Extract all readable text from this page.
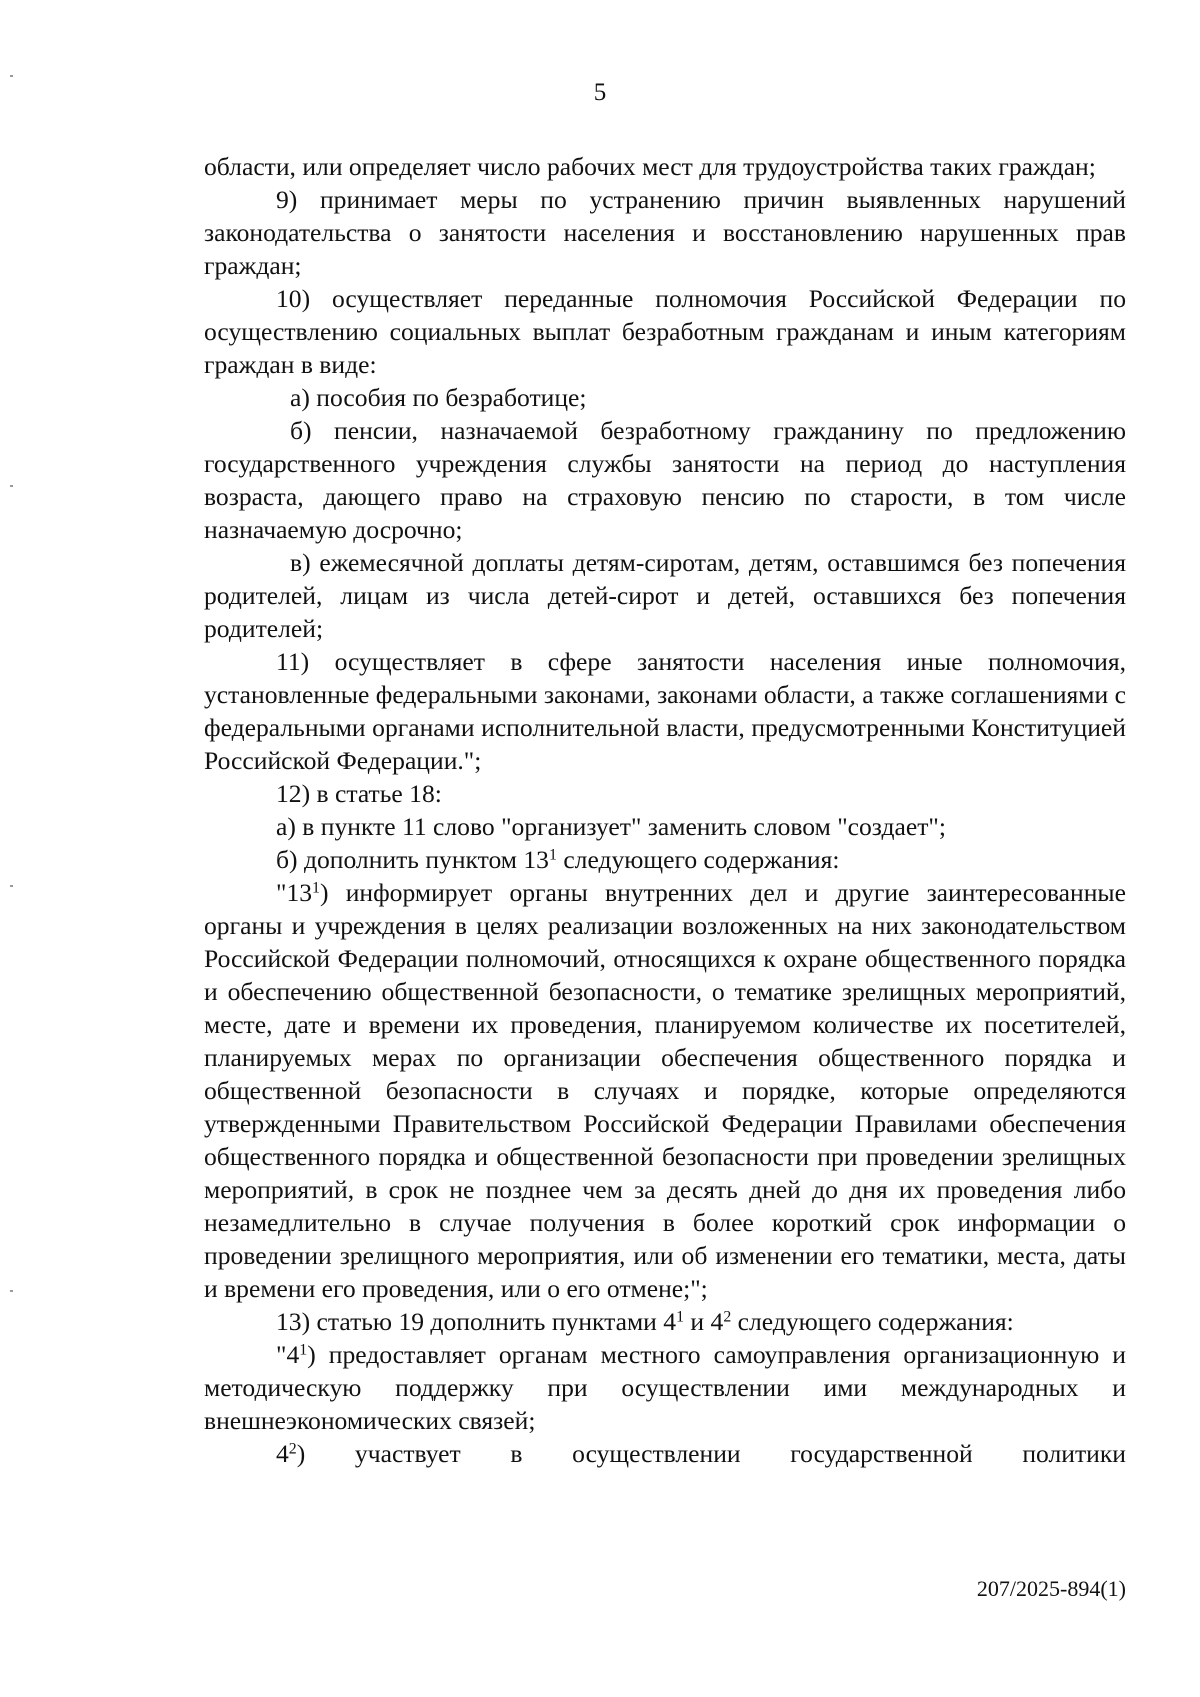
5

области, или определяет число рабочих мест для трудоустройства таких граждан;

9) принимает меры по устранению причин выявленных нарушений законодательства о занятости населения и восстановлению нарушенных прав граждан;

10) осуществляет переданные полномочия Российской Федерации по осуществлению социальных выплат безработным гражданам и иным категориям граждан в виде:

а) пособия по безработице;

б) пенсии, назначаемой безработному гражданину по предложению государственного учреждения службы занятости на период до наступления возраста, дающего право на страховую пенсию по старости, в том числе назначаемую досрочно;

в) ежемесячной доплаты детям-сиротам, детям, оставшимся без попечения родителей, лицам из числа детей-сирот и детей, оставшихся без попечения родителей;

11) осуществляет в сфере занятости населения иные полномочия, установленные федеральными законами, законами области, а также соглашениями с федеральными органами исполнительной власти, предусмотренными Конституцией Российской Федерации.";

12) в статье 18:

а) в пункте 11 слово "организует" заменить словом "создает";

б) дополнить пунктом $13^1$ следующего содержания:

"$13^1$) информирует органы внутренних дел и другие заинтересованные органы и учреждения в целях реализации возложенных на них законодательством Российской Федерации полномочий, относящихся к охране общественного порядка и обеспечению общественной безопасности, о тематике зрелищных мероприятий, месте, дате и времени их проведения, планируемом количестве их посетителей, планируемых мерах по организации обеспечения общественного порядка и общественной безопасности в случаях и порядке, которые определяются утвержденными Правительством Российской Федерации Правилами обеспечения общественного порядка и общественной безопасности при проведении зрелищных мероприятий, в срок не позднее чем за десять дней до дня их проведения либо незамедлительно в случае получения в более короткий срок информации о проведении зрелищного мероприятия, или об изменении его тематики, места, даты и времени его проведения, или о его отмене;";

13) статью 19 дополнить пунктами $4^1$ и $4^2$ следующего содержания:

"$4^1$) предоставляет органам местного самоуправления организационную и методическую поддержку при осуществлении ими международных и внешнеэкономических связей;

$4^2$) участвует в осуществлении государственной политики

207/2025-894(1)
